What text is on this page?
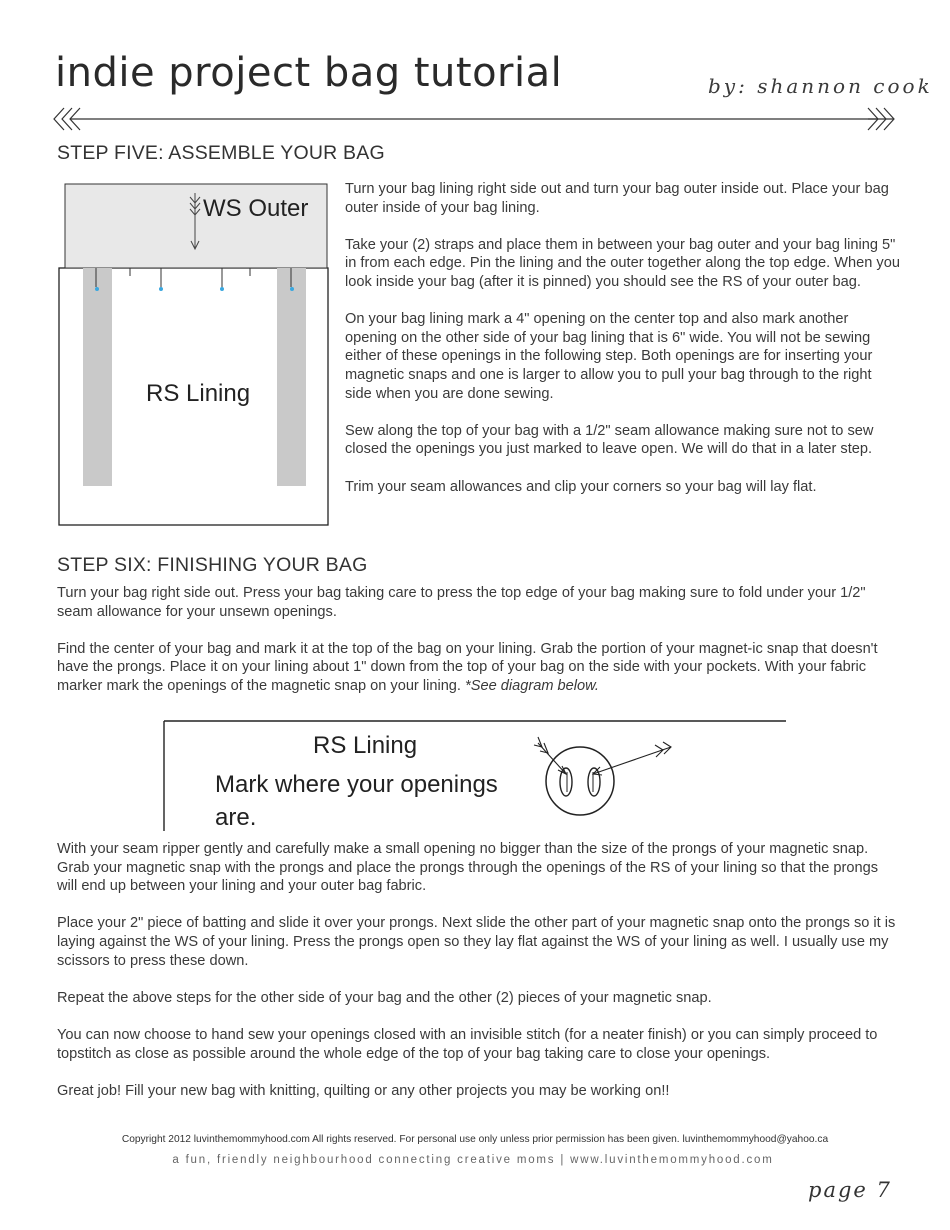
indie project bag tutorial	by: shannon cook
STEP FIVE: ASSEMBLE YOUR BAG
WS Outer
RS Lining

Turn your bag lining right side out and turn your bag outer inside out. Place your bag outer inside of your bag lining.

Take your (2) straps and place them in between your bag outer and your bag lining 5" in from each edge. Pin the lining and the outer together along the top edge. When you look inside your bag (after it is pinned) you should see the RS of your outer bag.

On your bag lining mark a 4" opening on the center top and also mark another opening on the other side of your bag lining that is 6" wide. You will not be sewing either of these openings in the following step. Both openings are for inserting your magnetic snaps and one is larger to allow you to pull your bag through to the right side when you are done sewing.

Sew along the top of your bag with a 1/2" seam allowance making sure not to sew closed the openings you just marked to leave open. We will do that in a later step.

Trim your seam allowances and clip your corners so your bag will lay flat.

STEP SIX: FINISHING YOUR BAG

Turn your bag right side out. Press your bag taking care to press the top edge of your bag making sure to fold under your 1/2" seam allowance for your unsewn openings.

Find the center of your bag and mark it at the top of the bag on your lining. Grab the portion of your magnet-ic snap that doesn't have the prongs. Place it on your lining about 1" down from the top of your bag on the side with your pockets. With your fabric marker mark the openings of the magnetic snap on your lining. *See diagram below.

RS Lining
Mark where your openings are.

With your seam ripper gently and carefully make a small opening no bigger than the size of the prongs of your magnetic snap. Grab your magnetic snap with the prongs and place the prongs through the openings of the RS of your lining so that the prongs will end up between your lining and your outer bag fabric.

Place your 2" piece of batting and slide it over your prongs. Next slide the other part of your magnetic snap onto the prongs so it is laying against the WS of your lining. Press the prongs open so they lay flat against the WS of your lining as well. I usually use my scissors to press these down.

Repeat the above steps for the other side of your bag and the other (2) pieces of your magnetic snap.

You can now choose to hand sew your openings closed with an invisible stitch (for a neater finish) or you can simply proceed to topstitch as close as possible around the whole edge of the top of your bag taking care to close your openings.

Great job! Fill your new bag with knitting, quilting or any other projects you may be working on!!

Copyright 2012 luvinthemommyhood.com All rights reserved. For personal use only unless prior permission has been given. luvinthemommyhood@yahoo.ca
a fun, friendly neighbourhood connecting creative moms | www.luvinthemommyhood.com
page 7
